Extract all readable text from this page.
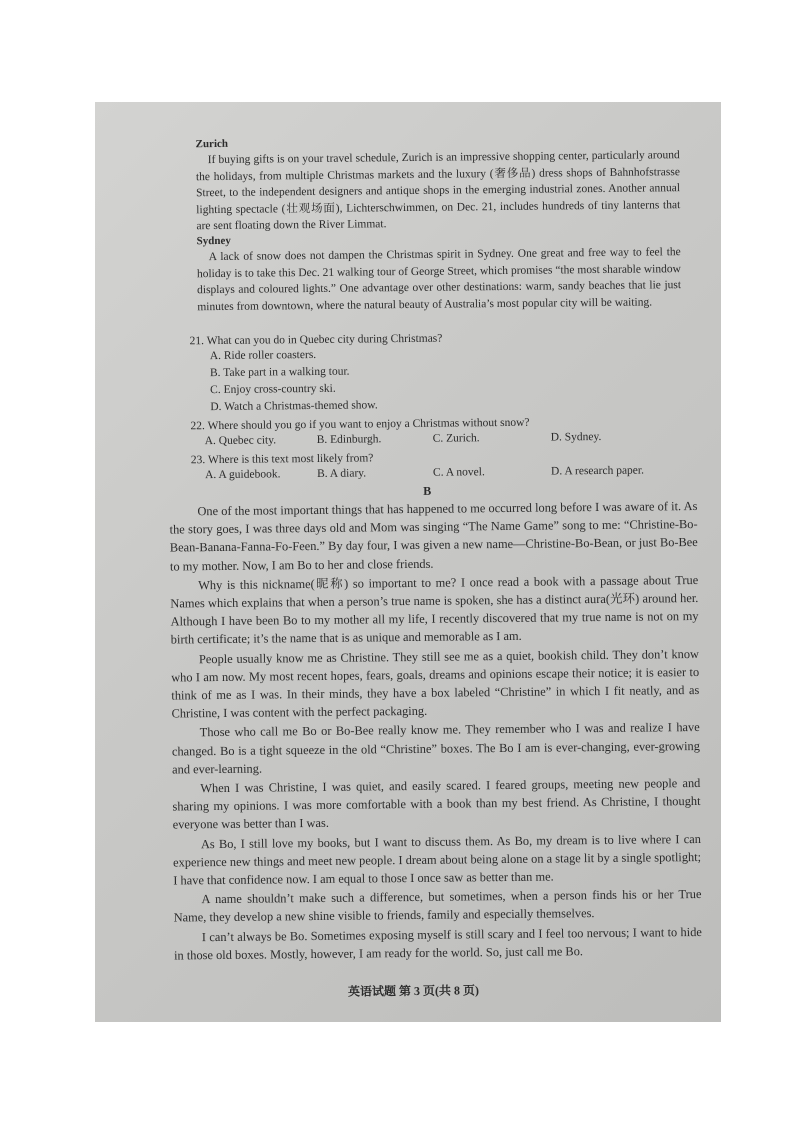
Zurich

If buying gifts is on your travel schedule, Zurich is an impressive shopping center, particularly around the holidays, from multiple Christmas markets and the luxury (奢侈品) dress shops of Bahnhofstrasse Street, to the independent designers and antique shops in the emerging industrial zones. Another annual lighting spectacle (壮观场面), Lichterschwimmen, on Dec. 21, includes hundreds of tiny lanterns that are sent floating down the River Limmat.

Sydney

A lack of snow does not dampen the Christmas spirit in Sydney. One great and free way to feel the holiday is to take this Dec. 21 walking tour of George Street, which promises “the most sharable window displays and coloured lights.” One advantage over other destinations: warm, sandy beaches that lie just minutes from downtown, where the natural beauty of Australia’s most popular city will be waiting.

21. What can you do in Quebec city during Christmas?
A. Ride roller coasters.
B. Take part in a walking tour.
C. Enjoy cross-country ski.
D. Watch a Christmas-themed show.
22. Where should you go if you want to enjoy a Christmas without snow?
A. Quebec city.	B. Edinburgh.	C. Zurich.	D. Sydney.
23. Where is this text most likely from?
A. A guidebook.	B. A diary.	C. A novel.	D. A research paper.
B

One of the most important things that has happened to me occurred long before I was aware of it. As the story goes, I was three days old and Mom was singing “The Name Game” song to me: “Christine-Bo-Bean-Banana-Fanna-Fo-Feen.” By day four, I was given a new name—Christine-Bo-Bean, or just Bo-Bee to my mother. Now, I am Bo to her and close friends.

Why is this nickname(昵称) so important to me? I once read a book with a passage about True Names which explains that when a person’s true name is spoken, she has a distinct aura(光环) around her. Although I have been Bo to my mother all my life, I recently discovered that my true name is not on my birth certificate; it’s the name that is as unique and memorable as I am.

People usually know me as Christine. They still see me as a quiet, bookish child. They don’t know who I am now. My most recent hopes, fears, goals, dreams and opinions escape their notice; it is easier to think of me as I was. In their minds, they have a box labeled “Christine” in which I fit neatly, and as Christine, I was content with the perfect packaging.

Those who call me Bo or Bo-Bee really know me. They remember who I was and realize I have changed. Bo is a tight squeeze in the old “Christine” boxes. The Bo I am is ever-changing, ever-growing and ever-learning.

When I was Christine, I was quiet, and easily scared. I feared groups, meeting new people and sharing my opinions. I was more comfortable with a book than my best friend. As Christine, I thought everyone was better than I was.

As Bo, I still love my books, but I want to discuss them. As Bo, my dream is to live where I can experience new things and meet new people. I dream about being alone on a stage lit by a single spotlight; I have that confidence now. I am equal to those I once saw as better than me.

A name shouldn’t make such a difference, but sometimes, when a person finds his or her True Name, they develop a new shine visible to friends, family and especially themselves.

I can’t always be Bo. Sometimes exposing myself is still scary and I feel too nervous; I want to hide in those old boxes. Mostly, however, I am ready for the world. So, just call me Bo.

英语试题 第 3 页(共 8 页)
